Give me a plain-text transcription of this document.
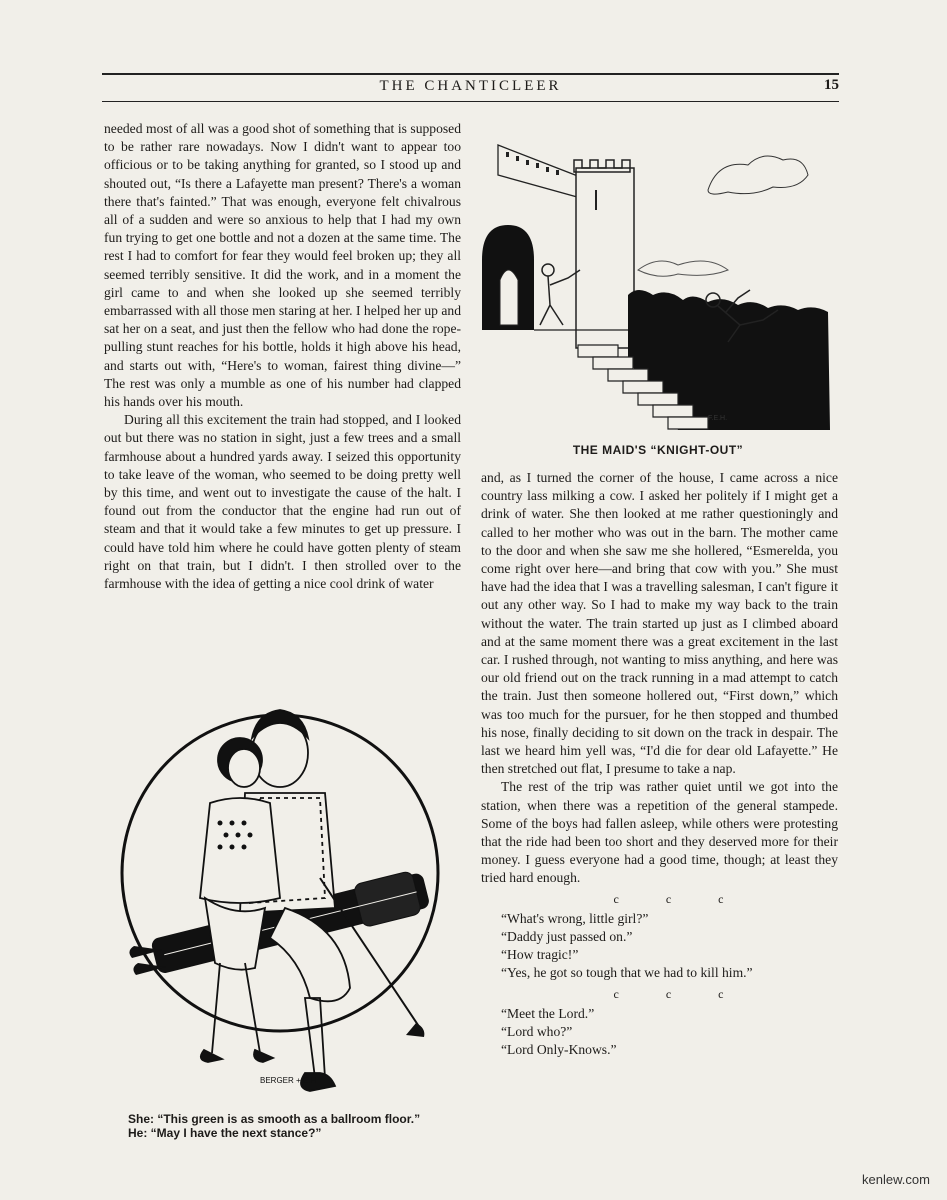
THE CHANTICLEER	15

needed most of all was a good shot of something that is supposed to be rather rare nowadays. Now I didn't want to appear too officious or to be taking anything for granted, so I stood up and shouted out, “Is there a Lafayette man present? There's a woman there that's fainted.” That was enough, everyone felt chivalrous all of a sudden and were so anxious to help that I had my own fun trying to get one bottle and not a dozen at the same time. The rest I had to comfort for fear they would feel broken up; they all seemed terribly sensitive. It did the work, and in a moment the girl came to and when she looked up she seemed terribly embarrassed with all those men staring at her. I helped her up and sat her on a seat, and just then the fellow who had done the rope-pulling stunt reaches for his bottle, holds it high above his head, and starts out with, “Here's to woman, fairest thing divine—” The rest was only a mumble as one of his number had clapped his hands over his mouth.

During all this excitement the train had stopped, and I looked out but there was no station in sight, just a few trees and a small farmhouse about a hundred yards away. I seized this opportunity to take leave of the woman, who seemed to be doing pretty well by this time, and went out to investigate the cause of the halt. I found out from the conductor that the engine had run out of steam and that it would take a few minutes to get up pressure. I could have told him where he could have gotten plenty of steam right on that train, but I didn't. I then strolled over to the farmhouse with the idea of getting a nice cool drink of water

F.E.H.
THE MAID'S “KNIGHT-OUT”

and, as I turned the corner of the house, I came across a nice country lass milking a cow. I asked her politely if I might get a drink of water. She then looked at me rather questioningly and called to her mother who was out in the barn. The mother came to the door and when she saw me she hollered, “Esmerelda, you come right over here—and bring that cow with you.” She must have had the idea that I was a travelling salesman, I can't figure it out any other way. So I had to make my way back to the train without the water. The train started up just as I climbed aboard and at the same moment there was a great excitement in the last car. I rushed through, not wanting to miss anything, and here was our old friend out on the track running in a mad attempt to catch the train. Just then someone hollered out, “First down,” which was too much for the pursuer, for he then stopped and thumbed his nose, finally deciding to sit down on the track in despair. The last we heard him yell was, “I'd die for dear old Lafayette.” He then stretched out flat, I presume to take a nap.

The rest of the trip was rather quiet until we got into the station, when there was a repetition of the general stampede. Some of the boys had fallen asleep, while others were protesting that the ride had been too short and they deserved more for their money. I guess everyone had a good time, though; at least they tried hard enough.

c c c

“What's wrong, little girl?”

“Daddy just passed on.”

“How tragic!”

“Yes, he got so tough that we had to kill him.”

c c c

“Meet the Lord.”

“Lord who?”

“Lord Only-Knows.”

BERGER + E.H
She: “This green is as smooth as a ballroom floor.”
He: “May I have the next stance?”
kenlew.com
